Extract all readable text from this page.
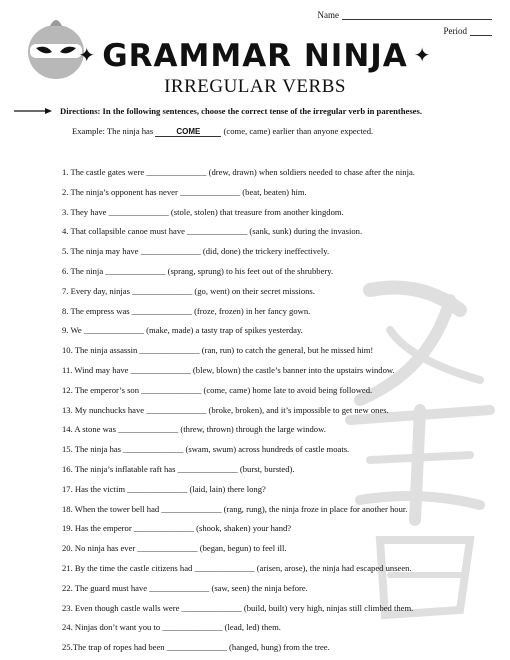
Name
Period
✦ GRAMMAR NINJA ✦
IRREGULAR VERBS
Directions: In the following sentences, choose the correct tense of the irregular verb in parentheses.
Example: The ninja has	COME	(come, came) earlier than anyone expected.
1. The castle gates were ______________ (drew, drawn) when soldiers needed to chase after the ninja.
2. The ninja’s opponent has never ______________ (beat, beaten) him.
3. They have ______________ (stole, stolen) that treasure from another kingdom.
4. That collapsible canoe must have ______________ (sank, sunk) during the invasion.
5. The ninja may have ______________ (did, done) the trickery ineffectively.
6. The ninja ______________ (sprang, sprung) to his feet out of the shrubbery.
7. Every day, ninjas ______________ (go, went) on their secret missions.
8. The empress was ______________ (froze, frozen) in her fancy gown.
9. We ______________ (make, made) a tasty trap of spikes yesterday.
10. The ninja assassin ______________ (ran, run) to catch the general, but he missed him!
11. Wind may have ______________ (blew, blown) the castle’s banner into the upstairs window.
12. The emperor’s son ______________ (come, came) home late to avoid being followed.
13. My nunchucks have ______________ (broke, broken), and it’s impossible to get new ones.
14. A stone was ______________ (threw, thrown) through the large window.
15. The ninja has ______________ (swam, swum) across hundreds of castle moats.
16. The ninja’s inflatable raft has ______________ (burst, bursted).
17. Has the victim ______________ (laid, lain) there long?
18. When the tower bell had ______________ (rang, rung), the ninja froze in place for another hour.
19. Has the emperor ______________ (shook, shaken) your hand?
20. No ninja has ever ______________ (began, begun) to feel ill.
21. By the time the castle citizens had ______________ (arisen, arose), the ninja had escaped unseen.
22. The guard must have ______________ (saw, seen) the ninja before.
23. Even though castle walls were ______________ (build, built) very high, ninjas still climbed them.
24. Ninjas don’t want you to ______________ (lead, led) them.
25.The trap of ropes had been ______________ (hanged, hung) from the tree.
